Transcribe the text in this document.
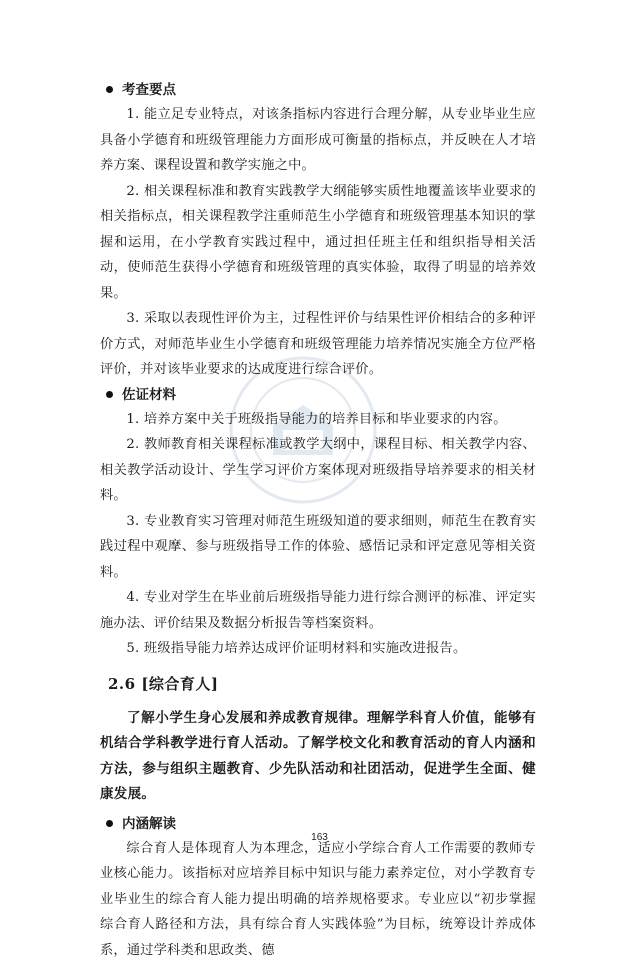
考查要点

1. 能立足专业特点，对该条指标内容进行合理分解，从专业毕业生应具备小学德育和班级管理能力方面形成可衡量的指标点，并反映在人才培养方案、课程设置和教学实施之中。

2. 相关课程标准和教育实践教学大纲能够实质性地覆盖该毕业要求的相关指标点，相关课程教学注重师范生小学德育和班级管理基本知识的掌握和运用，在小学教育实践过程中，通过担任班主任和组织指导相关活动，使师范生获得小学德育和班级管理的真实体验，取得了明显的培养效果。

3. 采取以表现性评价为主，过程性评价与结果性评价相结合的多种评价方式，对师范毕业生小学德育和班级管理能力培养情况实施全方位严格评价，并对该毕业要求的达成度进行综合评价。

佐证材料

1. 培养方案中关于班级指导能力的培养目标和毕业要求的内容。

2. 教师教育相关课程标准或教学大纲中，课程目标、相关教学内容、相关教学活动设计、学生学习评价方案体现对班级指导培养要求的相关材料。

3. 专业教育实习管理对师范生班级知道的要求细则，师范生在教育实践过程中观摩、参与班级指导工作的体验、感悟记录和评定意见等相关资料。

4. 专业对学生在毕业前后班级指导能力进行综合测评的标准、评定实施办法、评价结果及数据分析报告等档案资料。

5. 班级指导能力培养达成评价证明材料和实施改进报告。

2.6 [综合育人]

了解小学生身心发展和养成教育规律。理解学科育人价值，能够有机结合学科教学进行育人活动。了解学校文化和教育活动的育人内涵和方法，参与组织主题教育、少先队活动和社团活动，促进学生全面、健康发展。

内涵解读

综合育人是体现育人为本理念，适应小学综合育人工作需要的教师专业核心能力。该指标对应培养目标中知识与能力素养定位，对小学教育专业毕业生的综合育人能力提出明确的培养规格要求。专业应以“初步掌握综合育人路径和方法，具有综合育人实践体验”为目标，统筹设计养成体系，通过学科类和思政类、德

163
